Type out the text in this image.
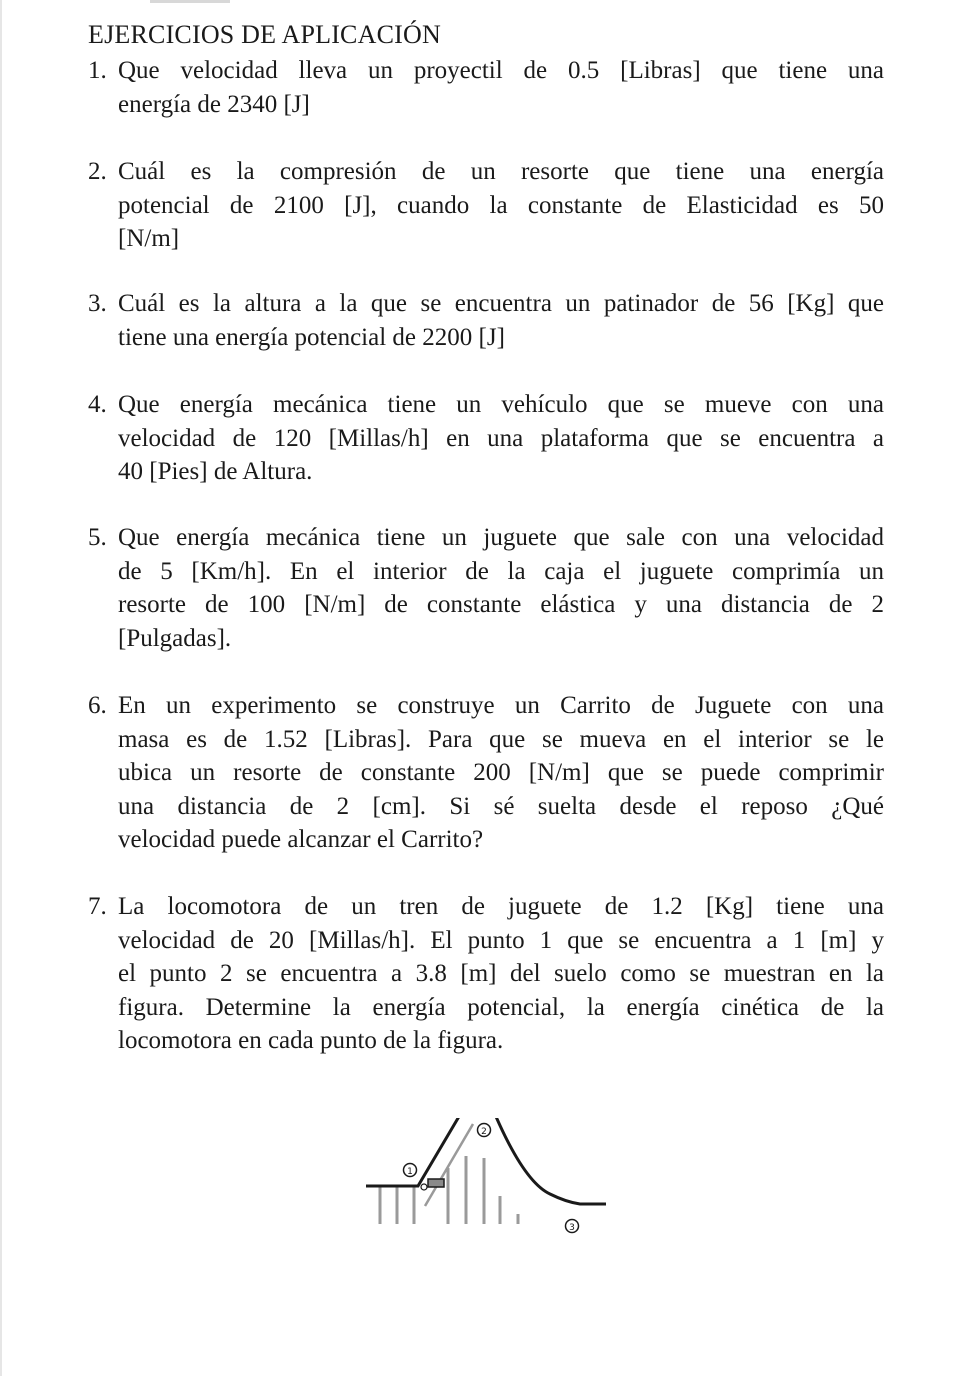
EJERCICIOS DE APLICACIÓN
1. Que velocidad lleva un proyectil de 0.5 [Libras] que tiene una
energía de 2340 [J]
2. Cuál es la compresión de un resorte que tiene una energía
potencial de 2100 [J], cuando la constante de Elasticidad es 50
[N/m]
3. Cuál es la altura a la que se encuentra un patinador de 56 [Kg] que
tiene una energía potencial de 2200 [J]
4. Que energía mecánica tiene un vehículo que se mueve con una
velocidad de 120 [Millas/h] en una plataforma que se encuentra a
40 [Pies] de Altura.
5. Que energía mecánica tiene un juguete que sale con una velocidad
de 5 [Km/h]. En el interior de la caja el juguete comprimía un
resorte de 100 [N/m] de constante elástica y una distancia de 2
[Pulgadas].
6. En un experimento se construye un Carrito de Juguete con una
masa es de 1.52 [Libras]. Para que se mueva en el interior se le
ubica un resorte de constante 200 [N/m] que se puede comprimir
una distancia de 2 [cm]. Si sé suelta desde el reposo ¿Qué
velocidad puede alcanzar el Carrito?
7. La locomotora de un tren de juguete de 1.2 [Kg] tiene una
velocidad de 20 [Millas/h]. El punto 1 que se encuentra a 1 [m] y
el punto 2 se encuentra a 3.8 [m] del suelo como se muestran en la
figura. Determine la energía potencial, la energía cinética de la
locomotora en cada punto de la figura.
1
2
3
